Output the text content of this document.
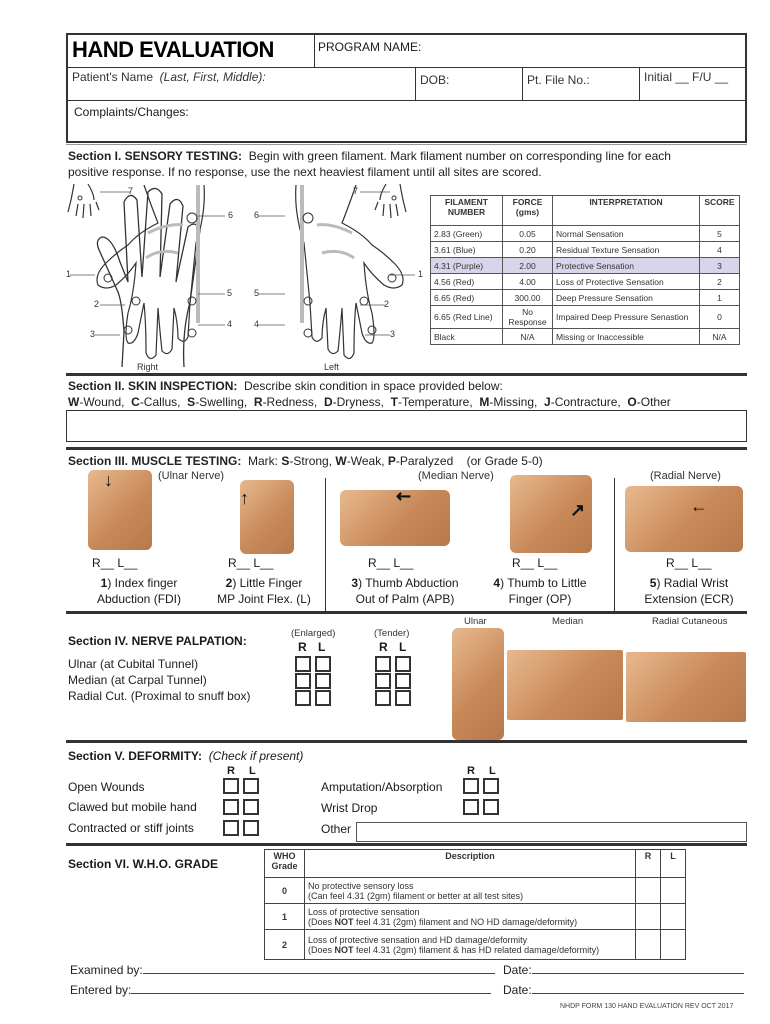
HAND EVALUATION	PROGRAM NAME:
Patient's Name (Last, First, Middle):	DOB:	Pt. File No.:	Initial __ F/U __
Complaints/Changes:
Section I. SENSORY TESTING: Begin with green filament. Mark filament number on corresponding line for each
positive response. If no response, use the next heaviest filament until all sites are scored.
7
6
1
5
2
4
3
7
6
1
5
2
4
3
Right	Left
FILAMENT NUMBER	FORCE (gms)	INTERPRETATION	SCORE
2.83 (Green)	0.05	Normal Sensation	5
3.61 (Blue)	0.20	Residual Texture Sensation	4
4.31 (Purple)	2.00	Protective Sensation	3
4.56 (Red)	4.00	Loss of Protective Sensation	2
6.65 (Red)	300.00	Deep Pressure Sensation	1
6.65 (Red Line)	No Response	Impaired Deep Pressure Senastion	0
Black	N/A	Missing or Inaccessible	N/A
Section II. SKIN INSPECTION: Describe skin condition in space provided below:
W-Wound, C-Callus, S-Swelling, R-Redness, D-Dryness, T-Temperature, M-Missing, J-Contracture, O-Other
Section III. MUSCLE TESTING: Mark: S-Strong, W-Weak, P-Paralyzed (or Grade 5-0)
(Ulnar Nerve)	(Median Nerve)	(Radial Nerve)
↓
↑	↙
↗	←
R__ L__	R__ L__	R__ L__	R__ L__	R__ L__
1) Index finger
Abduction (FDI)
2) Little Finger
MP Joint Flex. (L)
3) Thumb Abduction
Out of Palm (APB)
4) Thumb to Little
Finger (OP)
5) Radial Wrist
Extension (ECR)
Section IV. NERVE PALPATION:
Ulnar (at Cubital Tunnel)
Median (at Carpal Tunnel)
Radial Cut. (Proximal to snuff box)
(Enlarged)	(Tender)
R L	R L
Ulnar	Median	Radial Cutaneous
Section V. DEFORMITY: (Check if present)
R L	R L
Open Wounds
Clawed but mobile hand
Contracted or stiff joints
Amputation/Absorption
Wrist Drop
Other
Section VI. W.H.O. GRADE
WHO Grade	Description	R	L
0	No protective sensory loss
(Can feel 4.31 (2gm) filament or better at all test sites)		
1	Loss of protective sensation
(Does NOT feel 4.31 (2gm) filament and NO HD damage/deformity)		
2	Loss of protective sensation and HD damage/deformity
(Does NOT feel 4.31 (2gm) filament & has HD related damage/deformity)		
Examined by:	Date:
Entered by:	Date:
NHDP FORM 130 HAND EVALUATION REV OCT 2017
